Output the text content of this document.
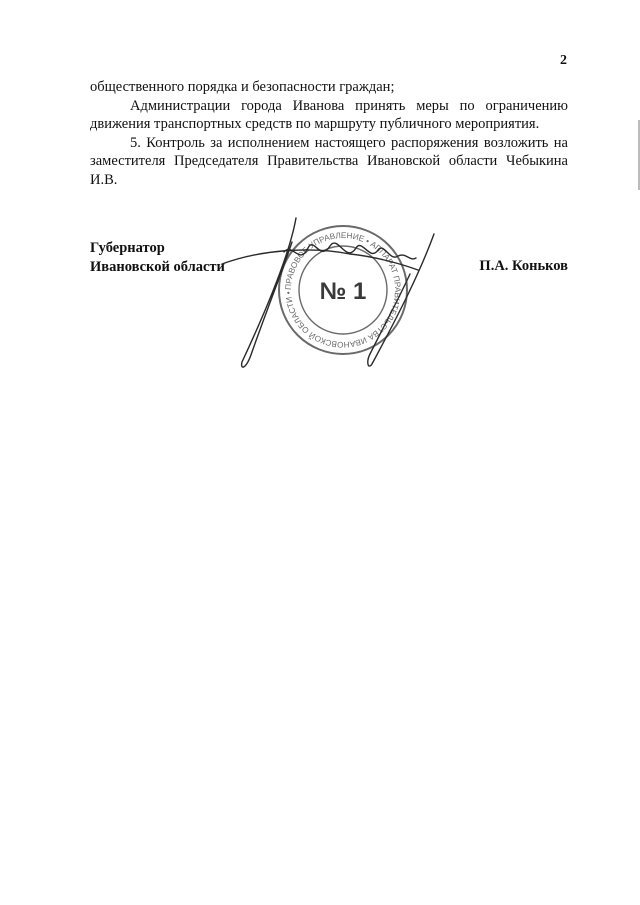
2

общественного порядка и безопасности граждан;

Администрации города Иванова принять меры по ограничению движения транспортных средств по маршруту публичного мероприятия.

5. Контроль за исполнением настоящего распоряжения возложить на заместителя Председателя Правительства Ивановской области Чебыкина И.В.

Губернатор
Ивановской области	П.А. Коньков
ПРАВОВОЕ УПРАВЛЕНИЕ • АППАРАТ ПРАВИТЕЛЬСТВА ИВАНОВСКОЙ ОБЛАСТИ •	№ 1
